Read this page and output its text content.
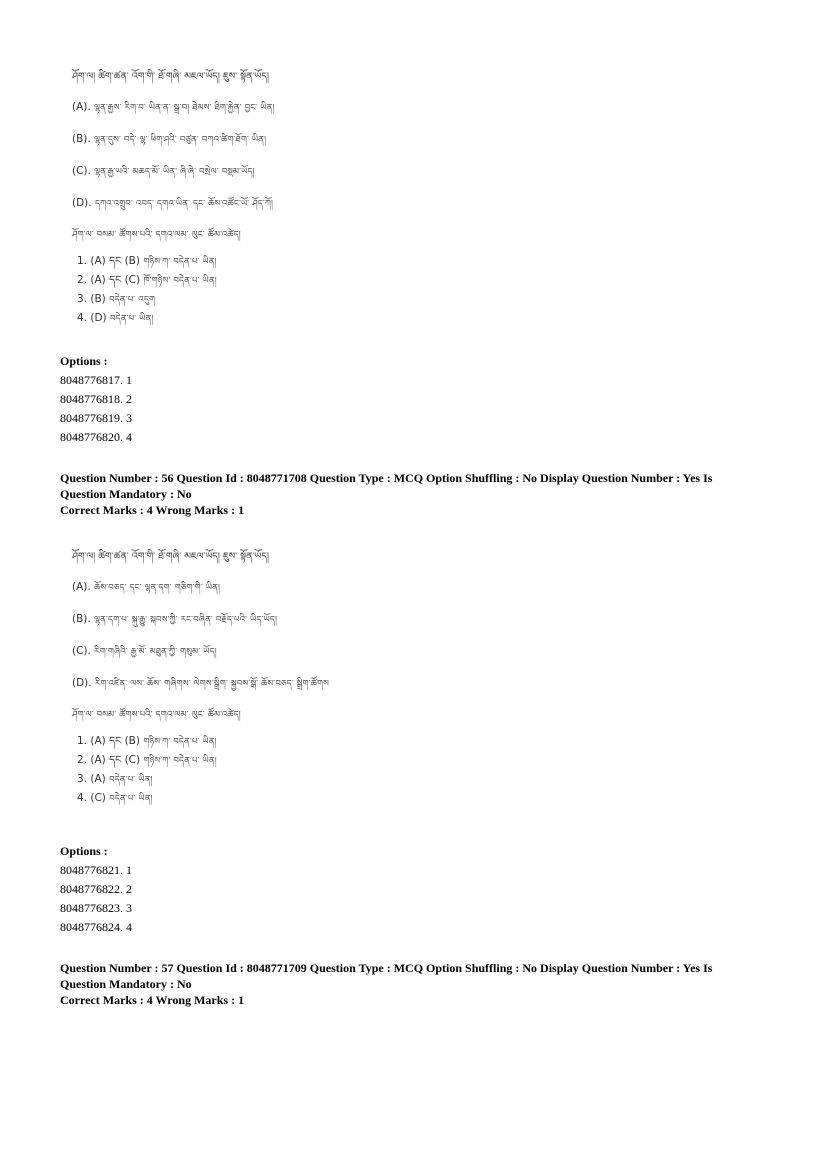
ཤོག་ལ། ཚིག་ཚན་ འོག་གི་ ཐོ་གཞི་ མཇལ་ཡོད། ཇུས་ སྟོན་ཡོད།
(A). ལྷན་རྒྱས་ རིག་བ་ ཡིན་ན་ སྒྲ་བ། ཐེམས་ ཐིག་རྐྱེན་ བྱང་ ཡིན།
(B). ལྷན་དུས་ བདེ་ ལྷ་ ཕིག་ཤའི་ བཙུན་ བཀའ་ཚིག་ཐོག་ ཡིན།
(C). ལྷན་རྒྱ་ཡའི་ མཆད་མོ་ ཡིན་ ཞི་ཞེ་ བསྲེལ་ བསྡམ་ཡོད།
(D). དཀའ་འགྲུབ་ འབད་ དགའ་ཡིན་ དང་ ཆོས་འཚོང་ཡོ་ ཤོད་ཀོ།
ཤོག་ལ་ བསམ་ ཚོགས་པའི་ དགའ་ལམ་ ལུང་ ཚོམ་འཚེད།
1. (A) དང (B) གཉིས་ཀ་ བདེན་པ་ ཡིན།
2. (A) དང (C) ཁོ་གཉིས་ བདེན་པ་ ཡིན།
3. (B) བདེན་པ་ འདུག
4. (D) བདེན་པ་ ཡིན།
Options :
8048776817. 1
8048776818. 2
8048776819. 3
8048776820. 4
Question Number : 56 Question Id : 8048771708 Question Type : MCQ Option Shuffling : No Display Question Number : Yes Is
Question Mandatory : No
Correct Marks : 4 Wrong Marks : 1
ཤོག་ལ། ཚིག་ཚན་ འོག་གི་ ཐོ་གཞི་ མཇལ་ཡོད། ཇུས་ སྟོན་ཡོད།
(A). ཆོས་བཅད་ དང་ ལྷན་དག་ གཅིག་གི་ ཡིན།
(B). ལྷན་དག་པ་ སྐུ་རྒྱུ་ སྐབས་ཀྱི་ རང་བཞིན་ བརྗོད་པའི་ ཡིད་ཡོད།
(C). རིག་གཞིའི་ རྒྱ་མོ་ མཐུན་ཀྱི་ གསུམ་ ཡོད།
(D). རིག་འཛིན་ ལས་ ཆོས་ གཞིགས་ ལེགས་སྒྲིག་ སྐྱབས་སྒོ་ ཆོས་བཅད་ སྒྲིག་ཚོགས
ཤོག་ལ་ བསམ་ ཚོགས་པའི་ དགའ་ལམ་ ལུང་ ཚོམ་འཚེད།
1. (A) དང (B) གཉིས་ཀ་ བདེན་པ་ ཡིན།
2. (A) དང (C) གཉིས་ཀ་ བདེན་པ་ ཡིན།
3. (A) བདེན་པ་ ཡིན།
4. (C) བདེན་པ་ ཡིན།
Options :
8048776821. 1
8048776822. 2
8048776823. 3
8048776824. 4
Question Number : 57 Question Id : 8048771709 Question Type : MCQ Option Shuffling : No Display Question Number : Yes Is
Question Mandatory : No
Correct Marks : 4 Wrong Marks : 1
